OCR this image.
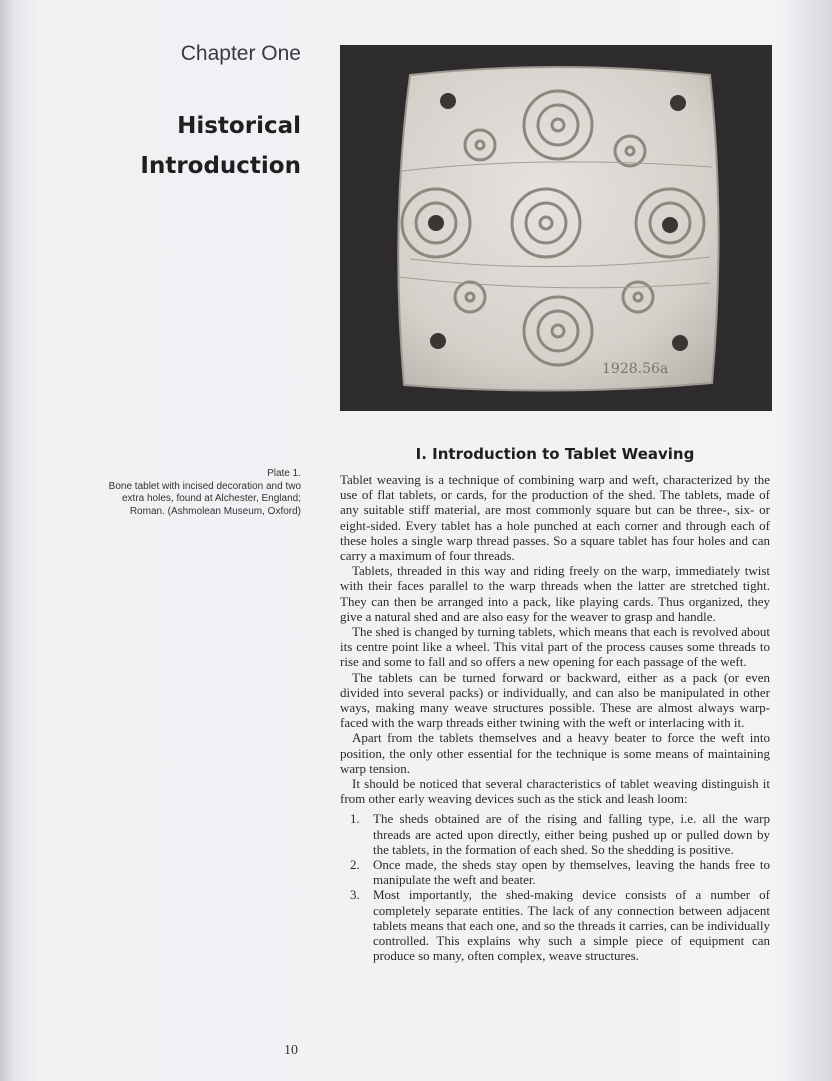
Chapter One
Historical
Introduction
1928.56a
I. Introduction to Tablet Weaving
Plate 1.
Bone tablet with incised decoration and two extra holes, found at Alchester, England; Roman. (Ashmolean Museum, Oxford)

Tablet weaving is a technique of combining warp and weft, characterized by the use of flat tablets, or cards, for the production of the shed. The tablets, made of any suitable stiff material, are most commonly square but can be three-, six- or eight-sided. Every tablet has a hole punched at each corner and through each of these holes a single warp thread passes. So a square tablet has four holes and can carry a maximum of four threads.

Tablets, threaded in this way and riding freely on the warp, immediately twist with their faces parallel to the warp threads when the latter are stretched tight. They can then be arranged into a pack, like playing cards. Thus organized, they give a natural shed and are also easy for the weaver to grasp and handle.

The shed is changed by turning tablets, which means that each is revolved about its centre point like a wheel. This vital part of the process causes some threads to rise and some to fall and so offers a new opening for each passage of the weft.

The tablets can be turned forward or backward, either as a pack (or even divided into several packs) or individually, and can also be manipulated in other ways, making many weave structures possible. These are almost always warp-faced with the warp threads either twining with the weft or interlacing with it.

Apart from the tablets themselves and a heavy beater to force the weft into position, the only other essential for the technique is some means of maintaining warp tension.

It should be noticed that several characteristics of tablet weaving distinguish it from other early weaving devices such as the stick and leash loom:

1. The sheds obtained are of the rising and falling type, i.e. all the warp threads are acted upon directly, either being pushed up or pulled down by the tablets, in the formation of each shed. So the shedding is positive.
2. Once made, the sheds stay open by themselves, leaving the hands free to manipulate the weft and beater.
3. Most importantly, the shed-making device consists of a number of completely separate entities. The lack of any connection between adjacent tablets means that each one, and so the threads it carries, can be individually controlled. This explains why such a simple piece of equipment can produce so many, often complex, weave structures.
10
